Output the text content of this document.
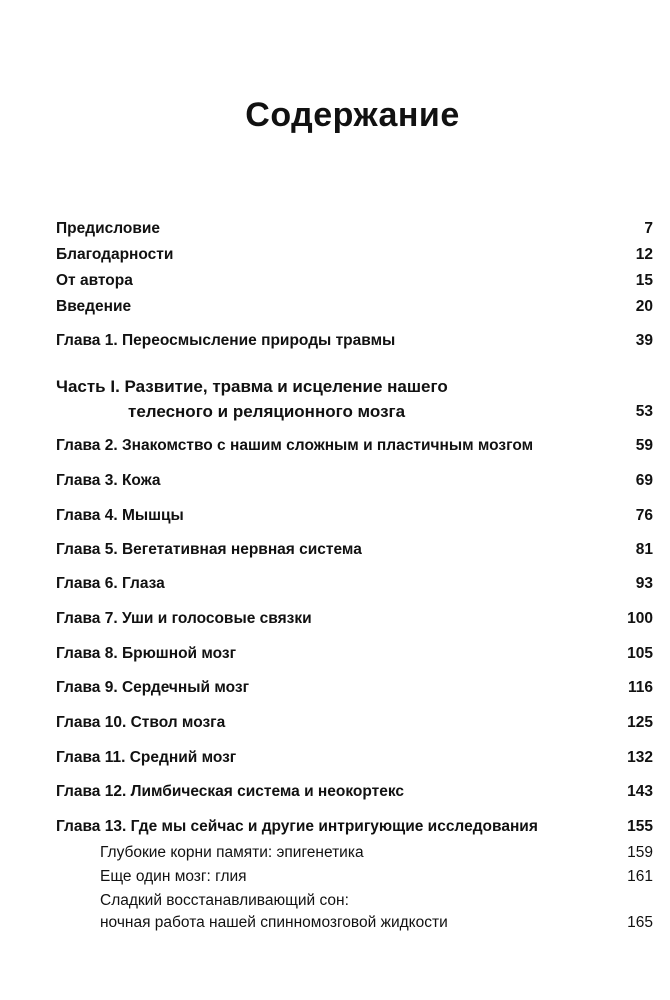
Содержание
Предисловие	7
Благодарности	12
От автора	15
Введение	20
Глава 1. Переосмысление природы травмы	39
Часть I. Развитие, травма и исцеление нашего
телесного и реляционного мозга	53
Глава 2. Знакомство с нашим сложным и пластичным мозгом	59
Глава 3. Кожа	69
Глава 4. Мышцы	76
Глава 5. Вегетативная нервная система	81
Глава 6. Глаза	93
Глава 7. Уши и голосовые связки	100
Глава 8. Брюшной мозг	105
Глава 9. Сердечный мозг	116
Глава 10. Ствол мозга	125
Глава 11. Средний мозг	132
Глава 12. Лимбическая система и неокортекс	143
Глава 13. Где мы сейчас и другие интригующие исследования	155
Глубокие корни памяти: эпигенетика	159
Еще один мозг: глия	161
Сладкий восстанавливающий сон:
ночная работа нашей спинномозговой жидкости	165
